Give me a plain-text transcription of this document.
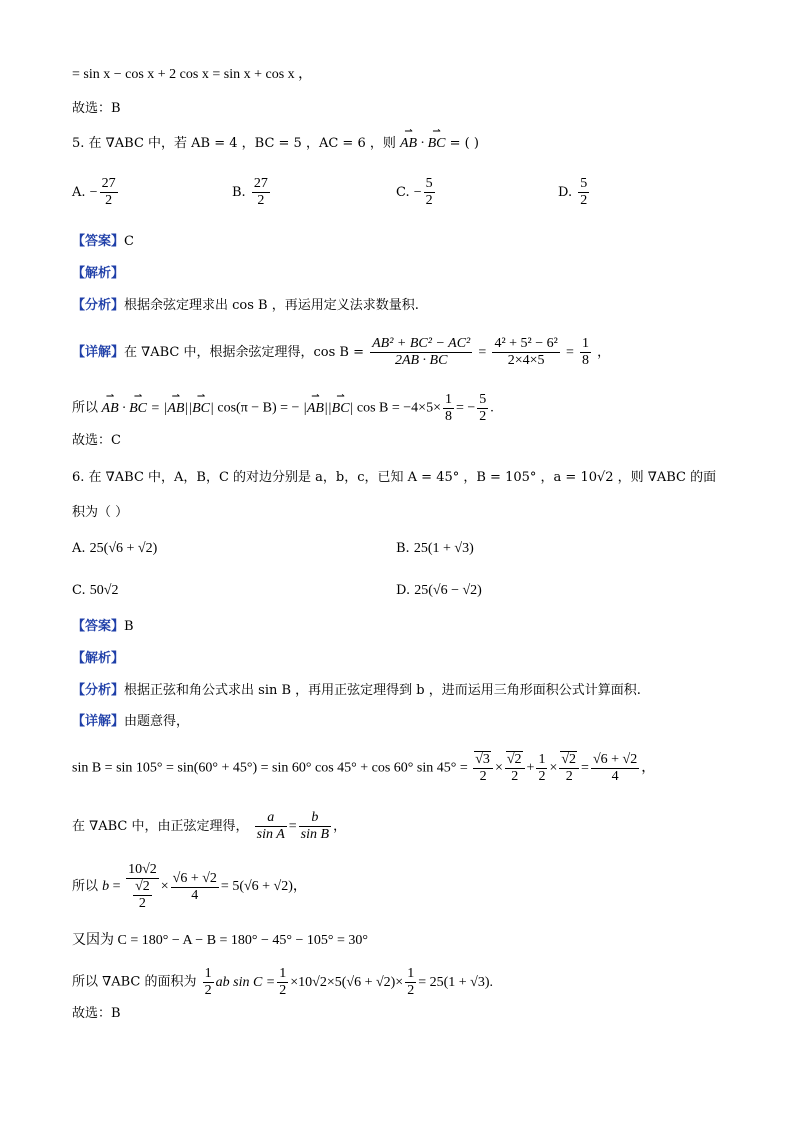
= sin x − cos x + 2 cos x = sin x + cos x ，
故选：B
5. 在 ∇ABC 中，若 AB = 4 ，BC = 5 ，AC = 6 ，则 ⇀ AB · ⇀ BC = ( )
A. − $\frac{27}{2}$	B. $\frac{27}{2}$	C. − $\frac{5}{2}$	D. $\frac{5}{2}$
【答案】C
【解析】
【分析】根据余弦定理求出 cos B ，再运用定义法求数量积.
【详解】在 ∇ABC 中，根据余弦定理得，$\cos B = \frac{\text{AB² + BC² − AC²}}{2AB \cdot BC} = \frac{\text{4² + 5² − 6²}}{2\times 4\times 5} = \frac{1}{8}$ ，
所以 ⇀ AB · ⇀ BC = |⇀ AB||⇀ BC| cos(π − B) = − |⇀ AB||⇀ BC| $\cos B = -4\times 5\times \frac{1}{8}$ = − $\frac{5}{2}$ .
故选：C
6. 在 ∇ABC 中，A，B，C 的对边分别是 a，b，c，已知 A = 45° ，B = 105° ，a = 10√2 ，则 ∇ABC 的面
积为（ ）
A. 25(√6 + √2)	B. 25(1 + √3)
C. 50√2	D. 25(√6 − √2)
【答案】B
【解析】
【分析】根据正弦和角公式求出 sin B ，再用正弦定理得到 b ，进而运用三角形面积公式计算面积.
【详解】由题意得，
sin B = sin 105° = sin(60° + 45°) = sin 60° cos 45° + cos 60° $\sin 45^\circ = \frac{√3}{2} \times \frac{√2}{2} + \frac{1}{2} \times \frac{√2}{2} = \frac{√6 + √2}{4}$ ，
在 ∇ABC 中，由正弦定理得， $\frac{a}{\text{sin A}} = \frac{b}{\text{sin B}}$ ，
所以 $b = \frac{10√2}{\frac{√2}{2}} \times \frac{√6 + √2}{4} = 5(√6 + √2)$，
又因为 C = 180° − A − B = 180° − 45° − 105° = 30°
所以 ∇ABC 的面积为 $\frac{1}{2}$ ab $\sin C = \frac{1}{2} \times 10√2\times 5(√6 + √2)\times \frac{1}{2} = 25(1 + √3)$.
故选：B
